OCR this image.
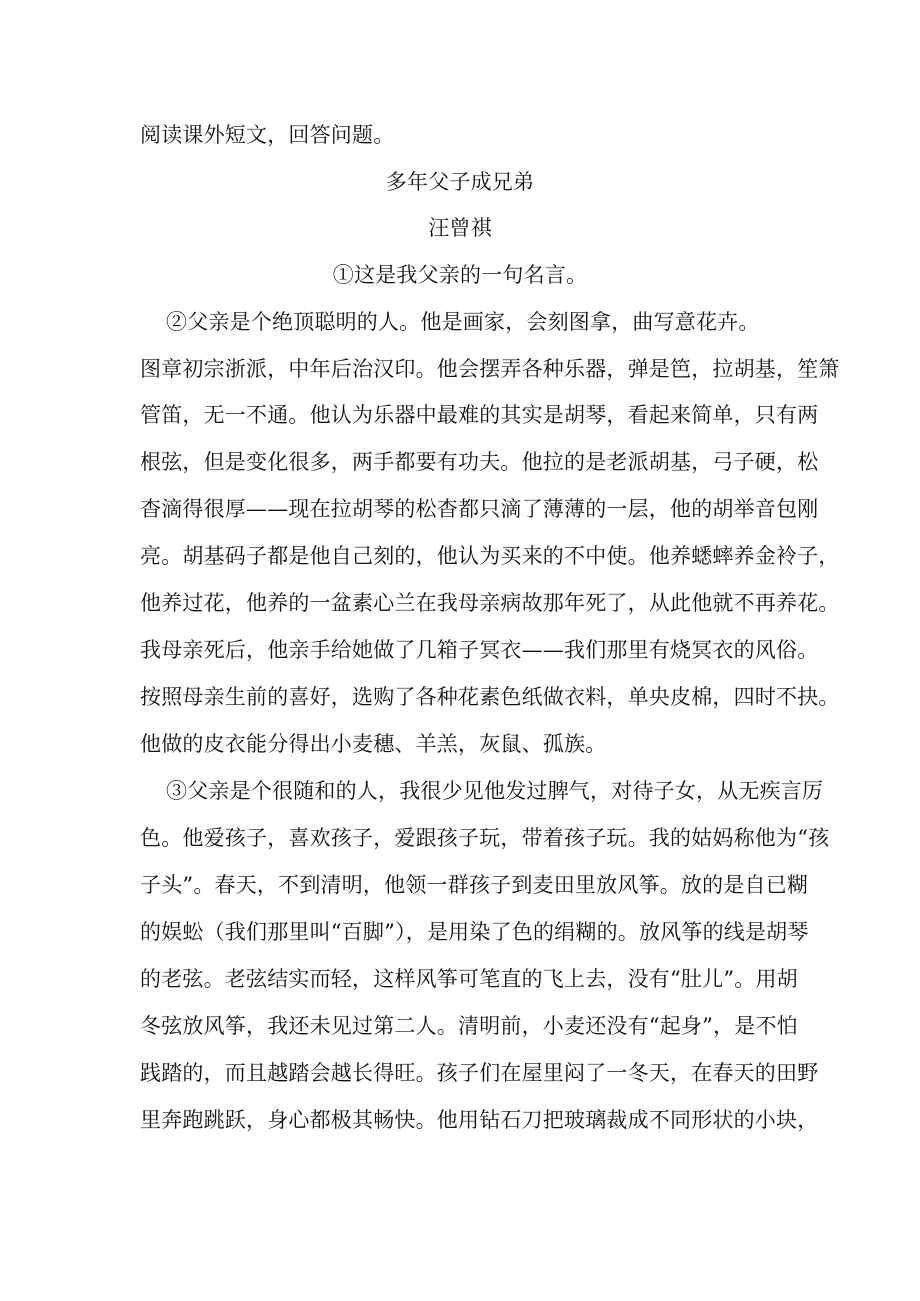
阅读课外短文，回答问题。
多年父子成兄弟
汪曾祺
①这是我父亲的一句名言。
②父亲是个绝顶聪明的人。他是画家，会刻图拿，曲写意花卉。
图章初宗浙派，中年后治汉印。他会摆弄各种乐器，弹是笆，拉胡基，笙箫
管笛，无一不通。他认为乐器中最难的其实是胡琴，看起来简单，只有两
根弦，但是变化很多，两手都要有功夫。他拉的是老派胡基，弓子硬，松
杳滴得很厚——现在拉胡琴的松杳都只滴了薄薄的一层，他的胡举音包刚
亮。胡基码子都是他自己刻的，他认为买来的不中使。他养蟋蟀养金袊子，
他养过花，他养的一盆素心兰在我母亲病故那年死了，从此他就不再养花。
我母亲死后，他亲手给她做了几箱子冥衣——我们那里有烧冥衣的风俗。
按照母亲生前的喜好，选购了各种花素色纸做衣料，单央皮棉，四时不抉。
他做的皮衣能分得出小麦穗、羊羔，灰鼠、孤族。
③父亲是个很随和的人，我很少见他发过脾气，对待子女，从无疾言厉
色。他爱孩子，喜欢孩子，爱跟孩子玩，带着孩子玩。我的姑妈称他为“孩
子头”。春天，不到清明，他领一群孩子到麦田里放风筝。放的是自已糊
的娱蚣（我们那里叫“百脚”），是用染了色的绢糊的。放风筝的线是胡琴
的老弦。老弦结实而轻，这样风筝可笔直的飞上去，没有“肚儿”。用胡
冬弦放风筝，我还未见过第二人。清明前，小麦还没有“起身”，是不怕
践踏的，而且越踏会越长得旺。孩子们在屋里闷了一冬天，在春天的田野
里奔跑跳跃，身心都极其畅快。他用钻石刀把玻璃裁成不同形状的小块，
